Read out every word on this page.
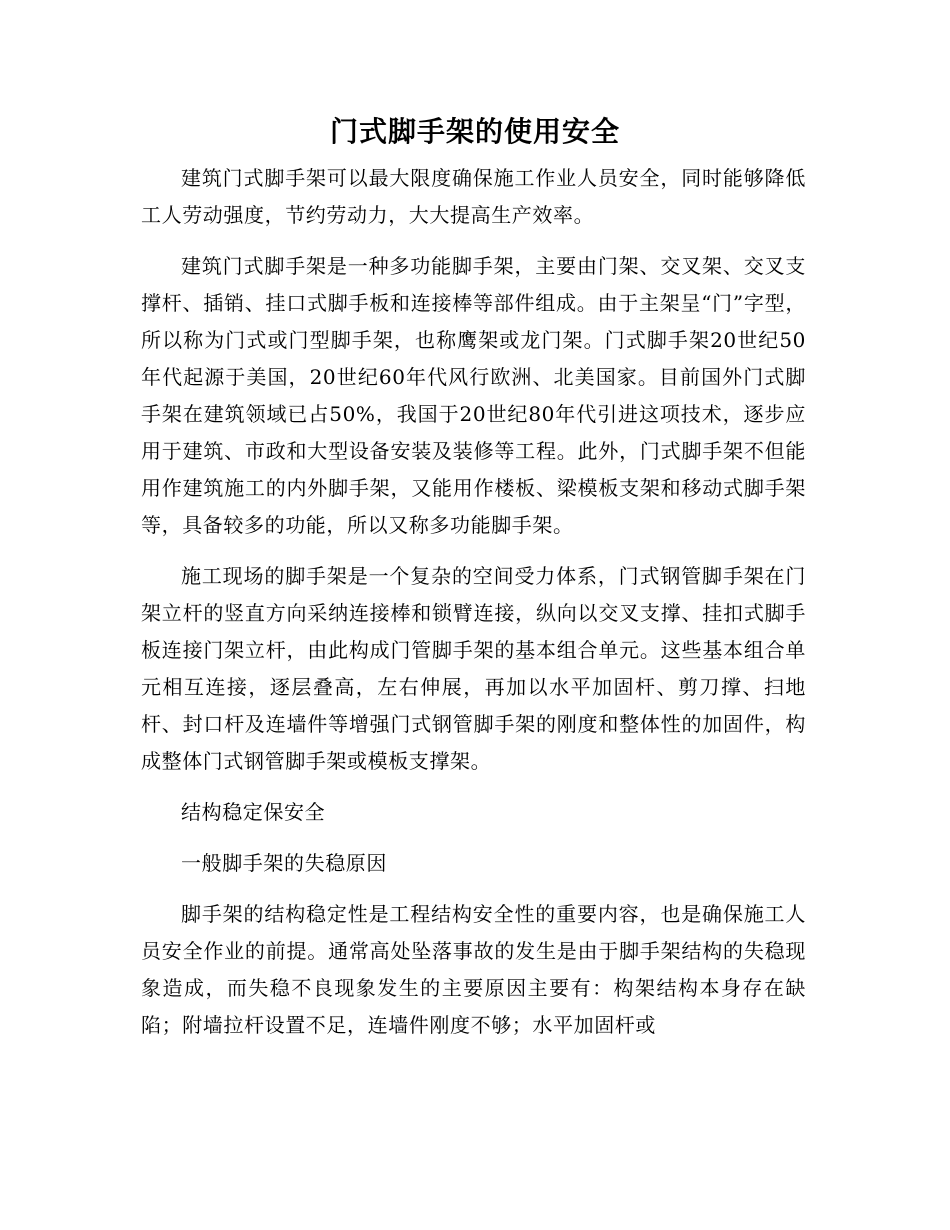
门式脚手架的使用安全

建筑门式脚手架可以最大限度确保施工作业人员安全，同时能够降低工人劳动强度，节约劳动力，大大提高生产效率。

建筑门式脚手架是一种多功能脚手架，主要由门架、交叉架、交叉支撑杆、插销、挂口式脚手板和连接棒等部件组成。由于主架呈“门”字型，所以称为门式或门型脚手架，也称鹰架或龙门架。门式脚手架20世纪50年代起源于美国，20世纪60年代风行欧洲、北美国家。目前国外门式脚手架在建筑领域已占50%，我国于20世纪80年代引进这项技术，逐步应用于建筑、市政和大型设备安装及装修等工程。此外，门式脚手架不但能用作建筑施工的内外脚手架，又能用作楼板、梁模板支架和移动式脚手架等，具备较多的功能，所以又称多功能脚手架。

施工现场的脚手架是一个复杂的空间受力体系，门式钢管脚手架在门架立杆的竖直方向采纳连接棒和锁臂连接，纵向以交叉支撑、挂扣式脚手板连接门架立杆，由此构成门管脚手架的基本组合单元。这些基本组合单元相互连接，逐层叠高，左右伸展，再加以水平加固杆、剪刀撑、扫地杆、封口杆及连墙件等增强门式钢管脚手架的刚度和整体性的加固件，构成整体门式钢管脚手架或模板支撑架。

结构稳定保安全

一般脚手架的失稳原因

脚手架的结构稳定性是工程结构安全性的重要内容，也是确保施工人员安全作业的前提。通常高处坠落事故的发生是由于脚手架结构的失稳现象造成，而失稳不良现象发生的主要原因主要有：构架结构本身存在缺陷；附墙拉杆设置不足，连墙件刚度不够；水平加固杆或
